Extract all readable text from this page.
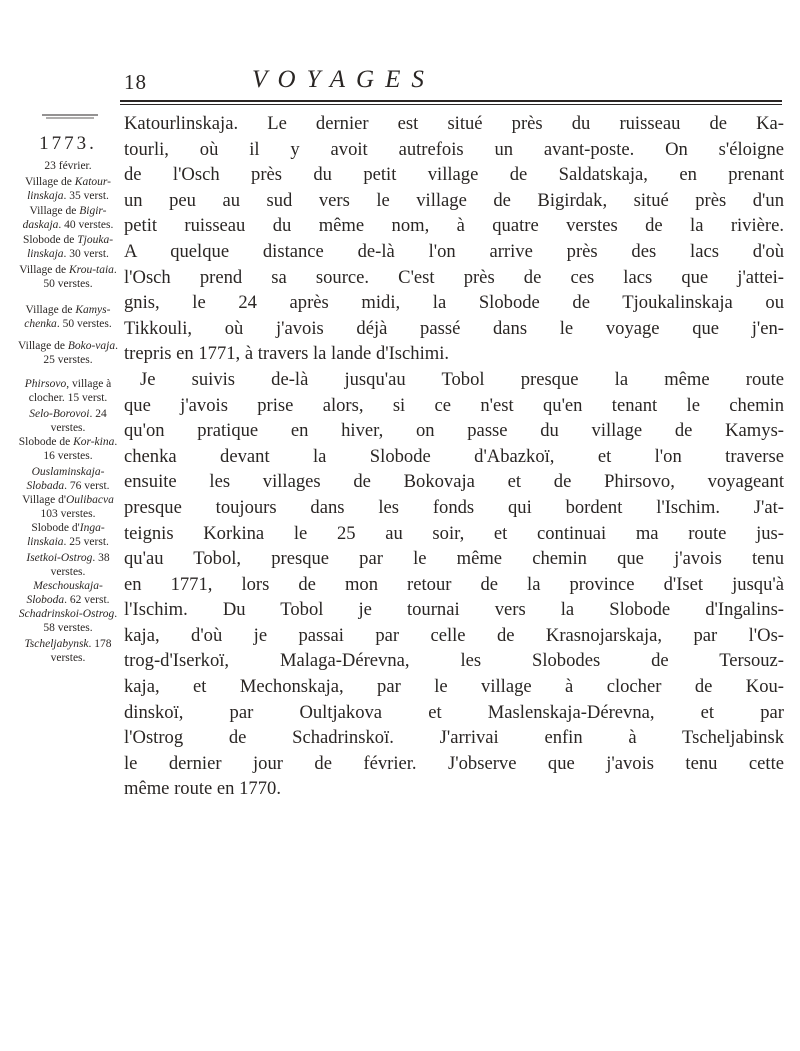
18	VOYAGES
1773.
23 février.
Village de Katour-linskaja. 35 verst.
Village de Bigir-daskaja. 40 verstes.
Slobode de Tjouka-linskaja. 30 verst.
Village de Krou-taia. 50 verstes.
Village de Kamys-chenka. 50 verstes.
Village de Boko-vaja. 25 verstes.
Phirsovo, village à clocher. 15 verst.
Selo-Borovoi. 24 verstes.
Slobode de Kor-kina. 16 verstes.
Ouslaminskaja-Slobada. 76 verst.
Village d'Oulibacva 103 verstes.
Slobode d'Inga-linskaia. 25 verst.
Isetkoi-Ostrog. 38 verstes.
Meschouskaja-Sloboda. 62 verst.
Schadrinskoi-Ostrog. 58 verstes.
Tscheljabynsk. 178 verstes.

Katourlinskaja. Le dernier est situé près du ruisseau de Ka-

tourli, où il y avoit autrefois un avant-poste. On s'éloigne

de l'Osch près du petit village de Saldatskaja, en prenant

un peu au sud vers le village de Bigirdak, situé près d'un

petit ruisseau du même nom, à quatre verstes de la rivière.

A quelque distance de-là l'on arrive près des lacs d'où

l'Osch prend sa source. C'est près de ces lacs que j'attei-

gnis, le 24 après midi, la Slobode de Tjoukalinskaja ou

Tikkouli, où j'avois déjà passé dans le voyage que j'en-

trepris en 1771, à travers la lande d'Ischimi.

Je suivis de-là jusqu'au Tobol presque la même route

que j'avois prise alors, si ce n'est qu'en tenant le chemin

qu'on pratique en hiver, on passe du village de Kamys-

chenka devant la Slobode d'Abazkoï, et l'on traverse

ensuite les villages de Bokovaja et de Phirsovo, voyageant

presque toujours dans les fonds qui bordent l'Ischim. J'at-

teignis Korkina le 25 au soir, et continuai ma route jus-

qu'au Tobol, presque par le même chemin que j'avois tenu

en 1771, lors de mon retour de la province d'Iset jusqu'à

l'Ischim. Du Tobol je tournai vers la Slobode d'Ingalins-

kaja, d'où je passai par celle de Krasnojarskaja, par l'Os-

trog-d'Iserkoï, Malaga-Dérevna, les Slobodes de Tersouz-

kaja, et Mechonskaja, par le village à clocher de Kou-

dinskoï, par Oultjakova et Maslenskaja-Dérevna, et par

l'Ostrog de Schadrinskoï. J'arrivai enfin à Tscheljabinsk

le dernier jour de février. J'observe que j'avois tenu cette

même route en 1770.
